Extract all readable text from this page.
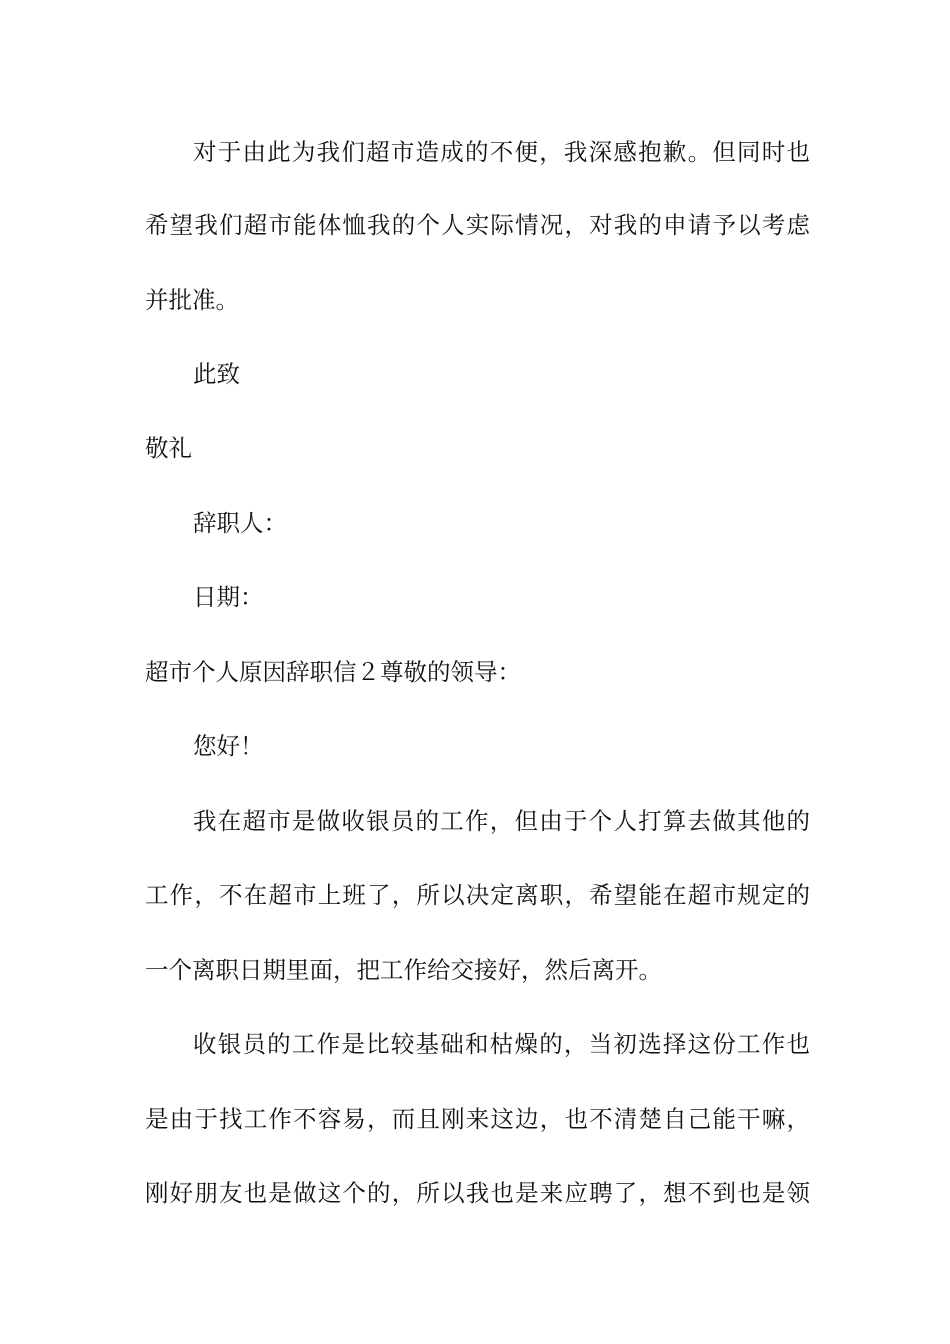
对于由此为我们超市造成的不便，我深感抱歉。但同时也

希望我们超市能体恤我的个人实际情况，对我的申请予以考虑

并批准。

此致

敬礼

辞职人：

日期：

超市个人原因辞职信２尊敬的领导：

您好！

我在超市是做收银员的工作，但由于个人打算去做其他的

工作，不在超市上班了，所以决定离职，希望能在超市规定的

一个离职日期里面，把工作给交接好，然后离开。

收银员的工作是比较基础和枯燥的，当初选择这份工作也

是由于找工作不容易，而且刚来这边，也不清楚自己能干嘛，

刚好朋友也是做这个的，所以我也是来应聘了，想不到也是领
